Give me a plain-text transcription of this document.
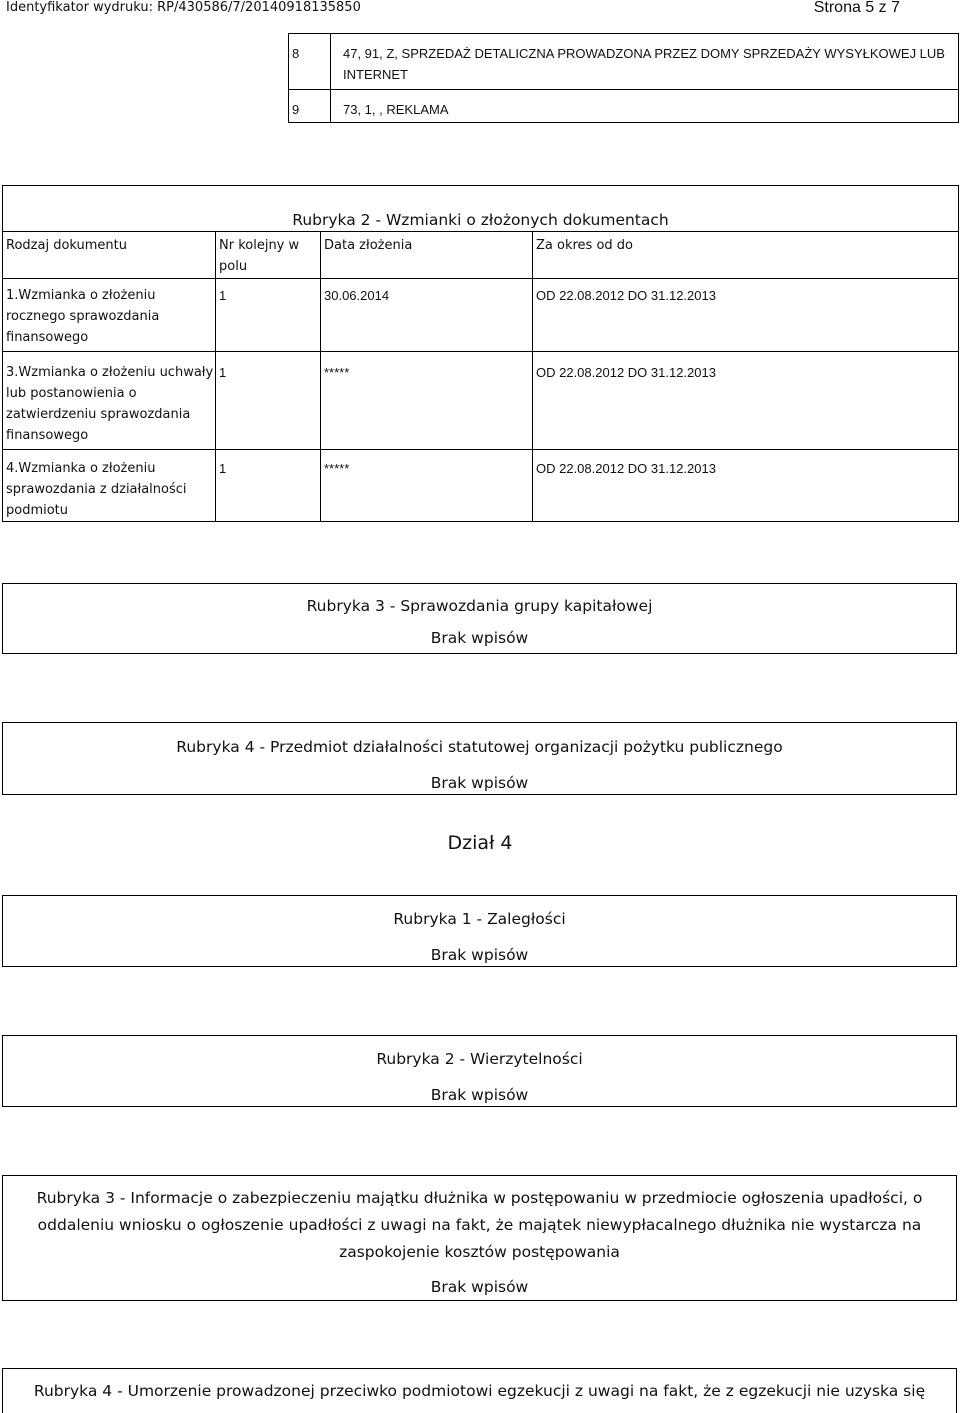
Identyfikator wydruku: RP/430586/7/20140918135850	Strona 5 z 7
8	47, 91, Z, SPRZEDAŻ DETALICZNA PROWADZONA PRZEZ DOMY SPRZEDAŻY WYSYŁKOWEJ LUB INTERNET
9	73, 1, , REKLAMA
Rubryka 2 - Wzmianki o złożonych dokumentach			
Rodzaj dokumentu	Nr kolejny w polu	Data złożenia	Za okres od do
1.Wzmianka o złożeniu rocznego sprawozdania finansowego	1	30.06.2014	OD 22.08.2012 DO 31.12.2013
3.Wzmianka o złożeniu uchwały lub postanowienia o zatwierdzeniu sprawozdania finansowego	1	*****	OD 22.08.2012 DO 31.12.2013
4.Wzmianka o złożeniu sprawozdania z działalności podmiotu	1	*****	OD 22.08.2012 DO 31.12.2013
Rubryka 3 - Sprawozdania grupy kapitałowej
Brak wpisów
Rubryka 4 - Przedmiot działalności statutowej organizacji pożytku publicznego
Brak wpisów
Dział 4
Rubryka 1 - Zaległości
Brak wpisów
Rubryka 2 - Wierzytelności
Brak wpisów
Rubryka 3 - Informacje o zabezpieczeniu majątku dłużnika w postępowaniu w przedmiocie ogłoszenia upadłości, o oddaleniu wniosku o ogłoszenie upadłości z uwagi na fakt, że majątek niewypłacalnego dłużnika nie wystarcza na zaspokojenie kosztów postępowania
Brak wpisów
Rubryka 4 - Umorzenie prowadzonej przeciwko podmiotowi egzekucji z uwagi na fakt, że z egzekucji nie uzyska się
